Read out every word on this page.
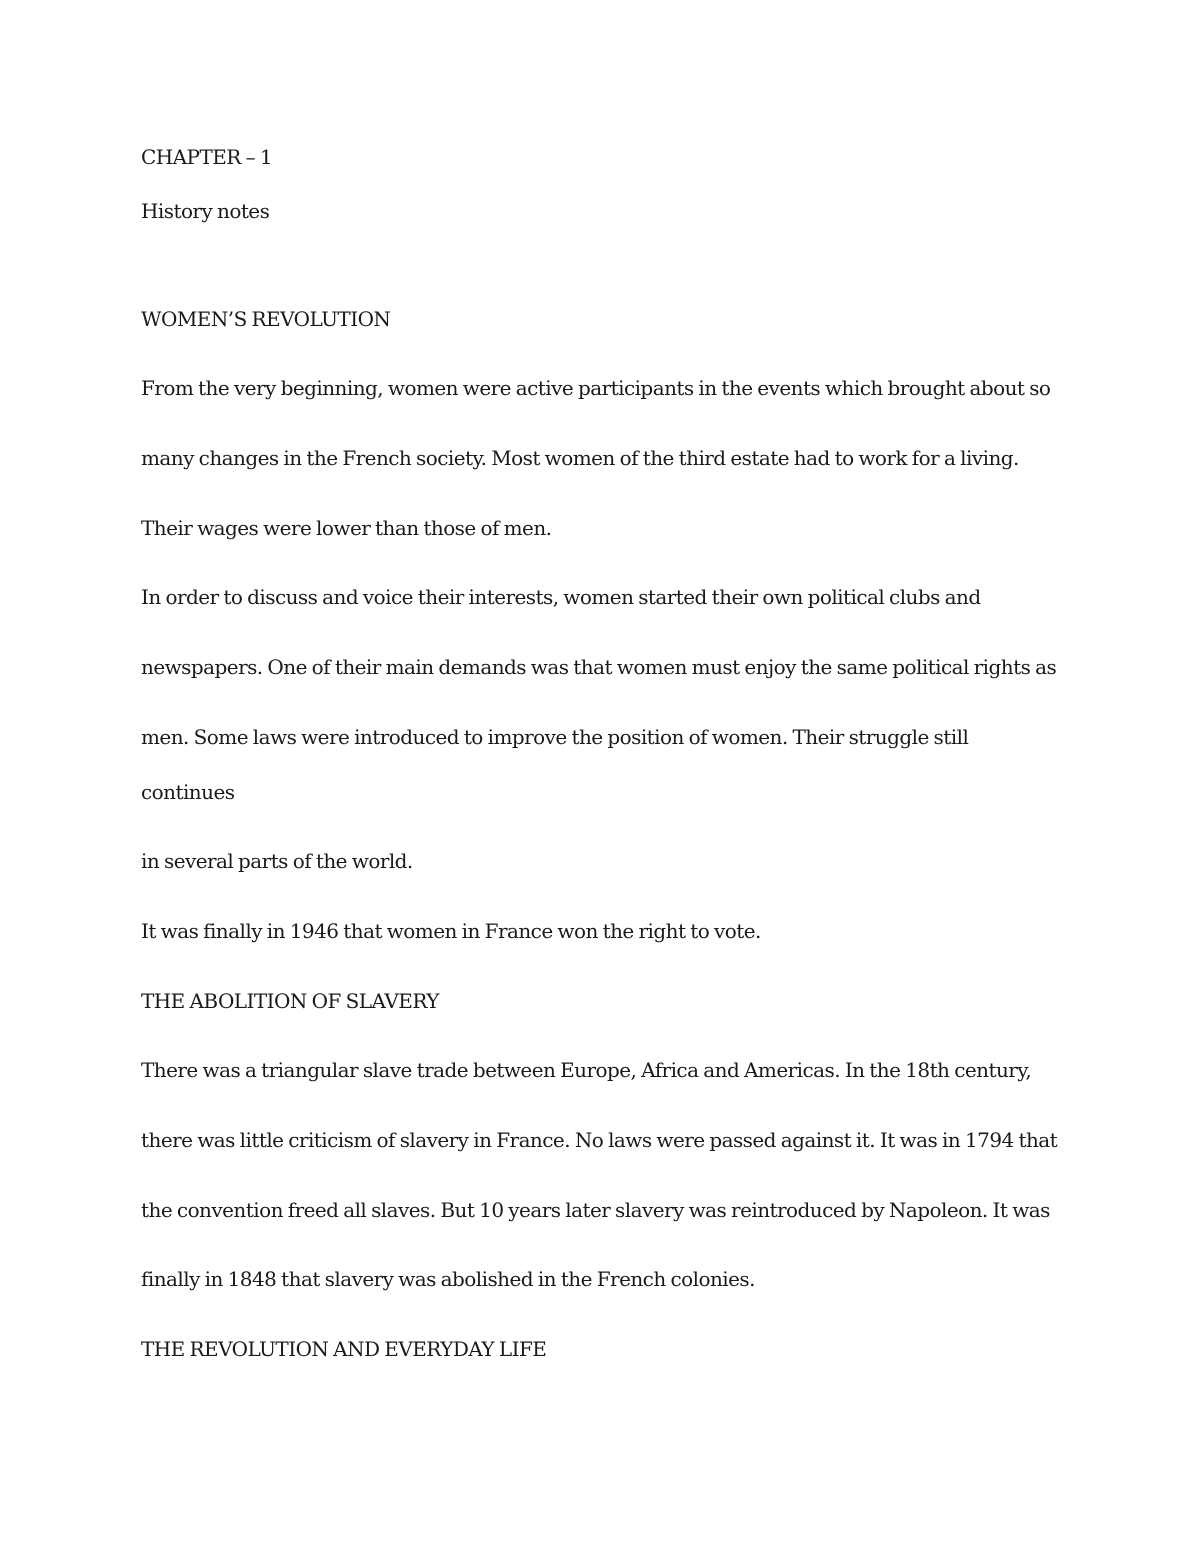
CHAPTER – 1

History notes

WOMEN’S REVOLUTION

From the very beginning, women were active participants in the events which brought about so

many changes in the French society. Most women of the third estate had to work for a living.

Their wages were lower than those of men.

In order to discuss and voice their interests, women started their own political clubs and

newspapers. One of their main demands was that women must enjoy the same political rights as

men. Some laws were introduced to improve the position of women. Their struggle still

continues

in several parts of the world.

It was finally in 1946 that women in France won the right to vote.

THE ABOLITION OF SLAVERY

There was a triangular slave trade between Europe, Africa and Americas. In the 18th century,

there was little criticism of slavery in France. No laws were passed against it. It was in 1794 that

the convention freed all slaves. But 10 years later slavery was reintroduced by Napoleon. It was

finally in 1848 that slavery was abolished in the French colonies.

THE REVOLUTION AND EVERYDAY LIFE
